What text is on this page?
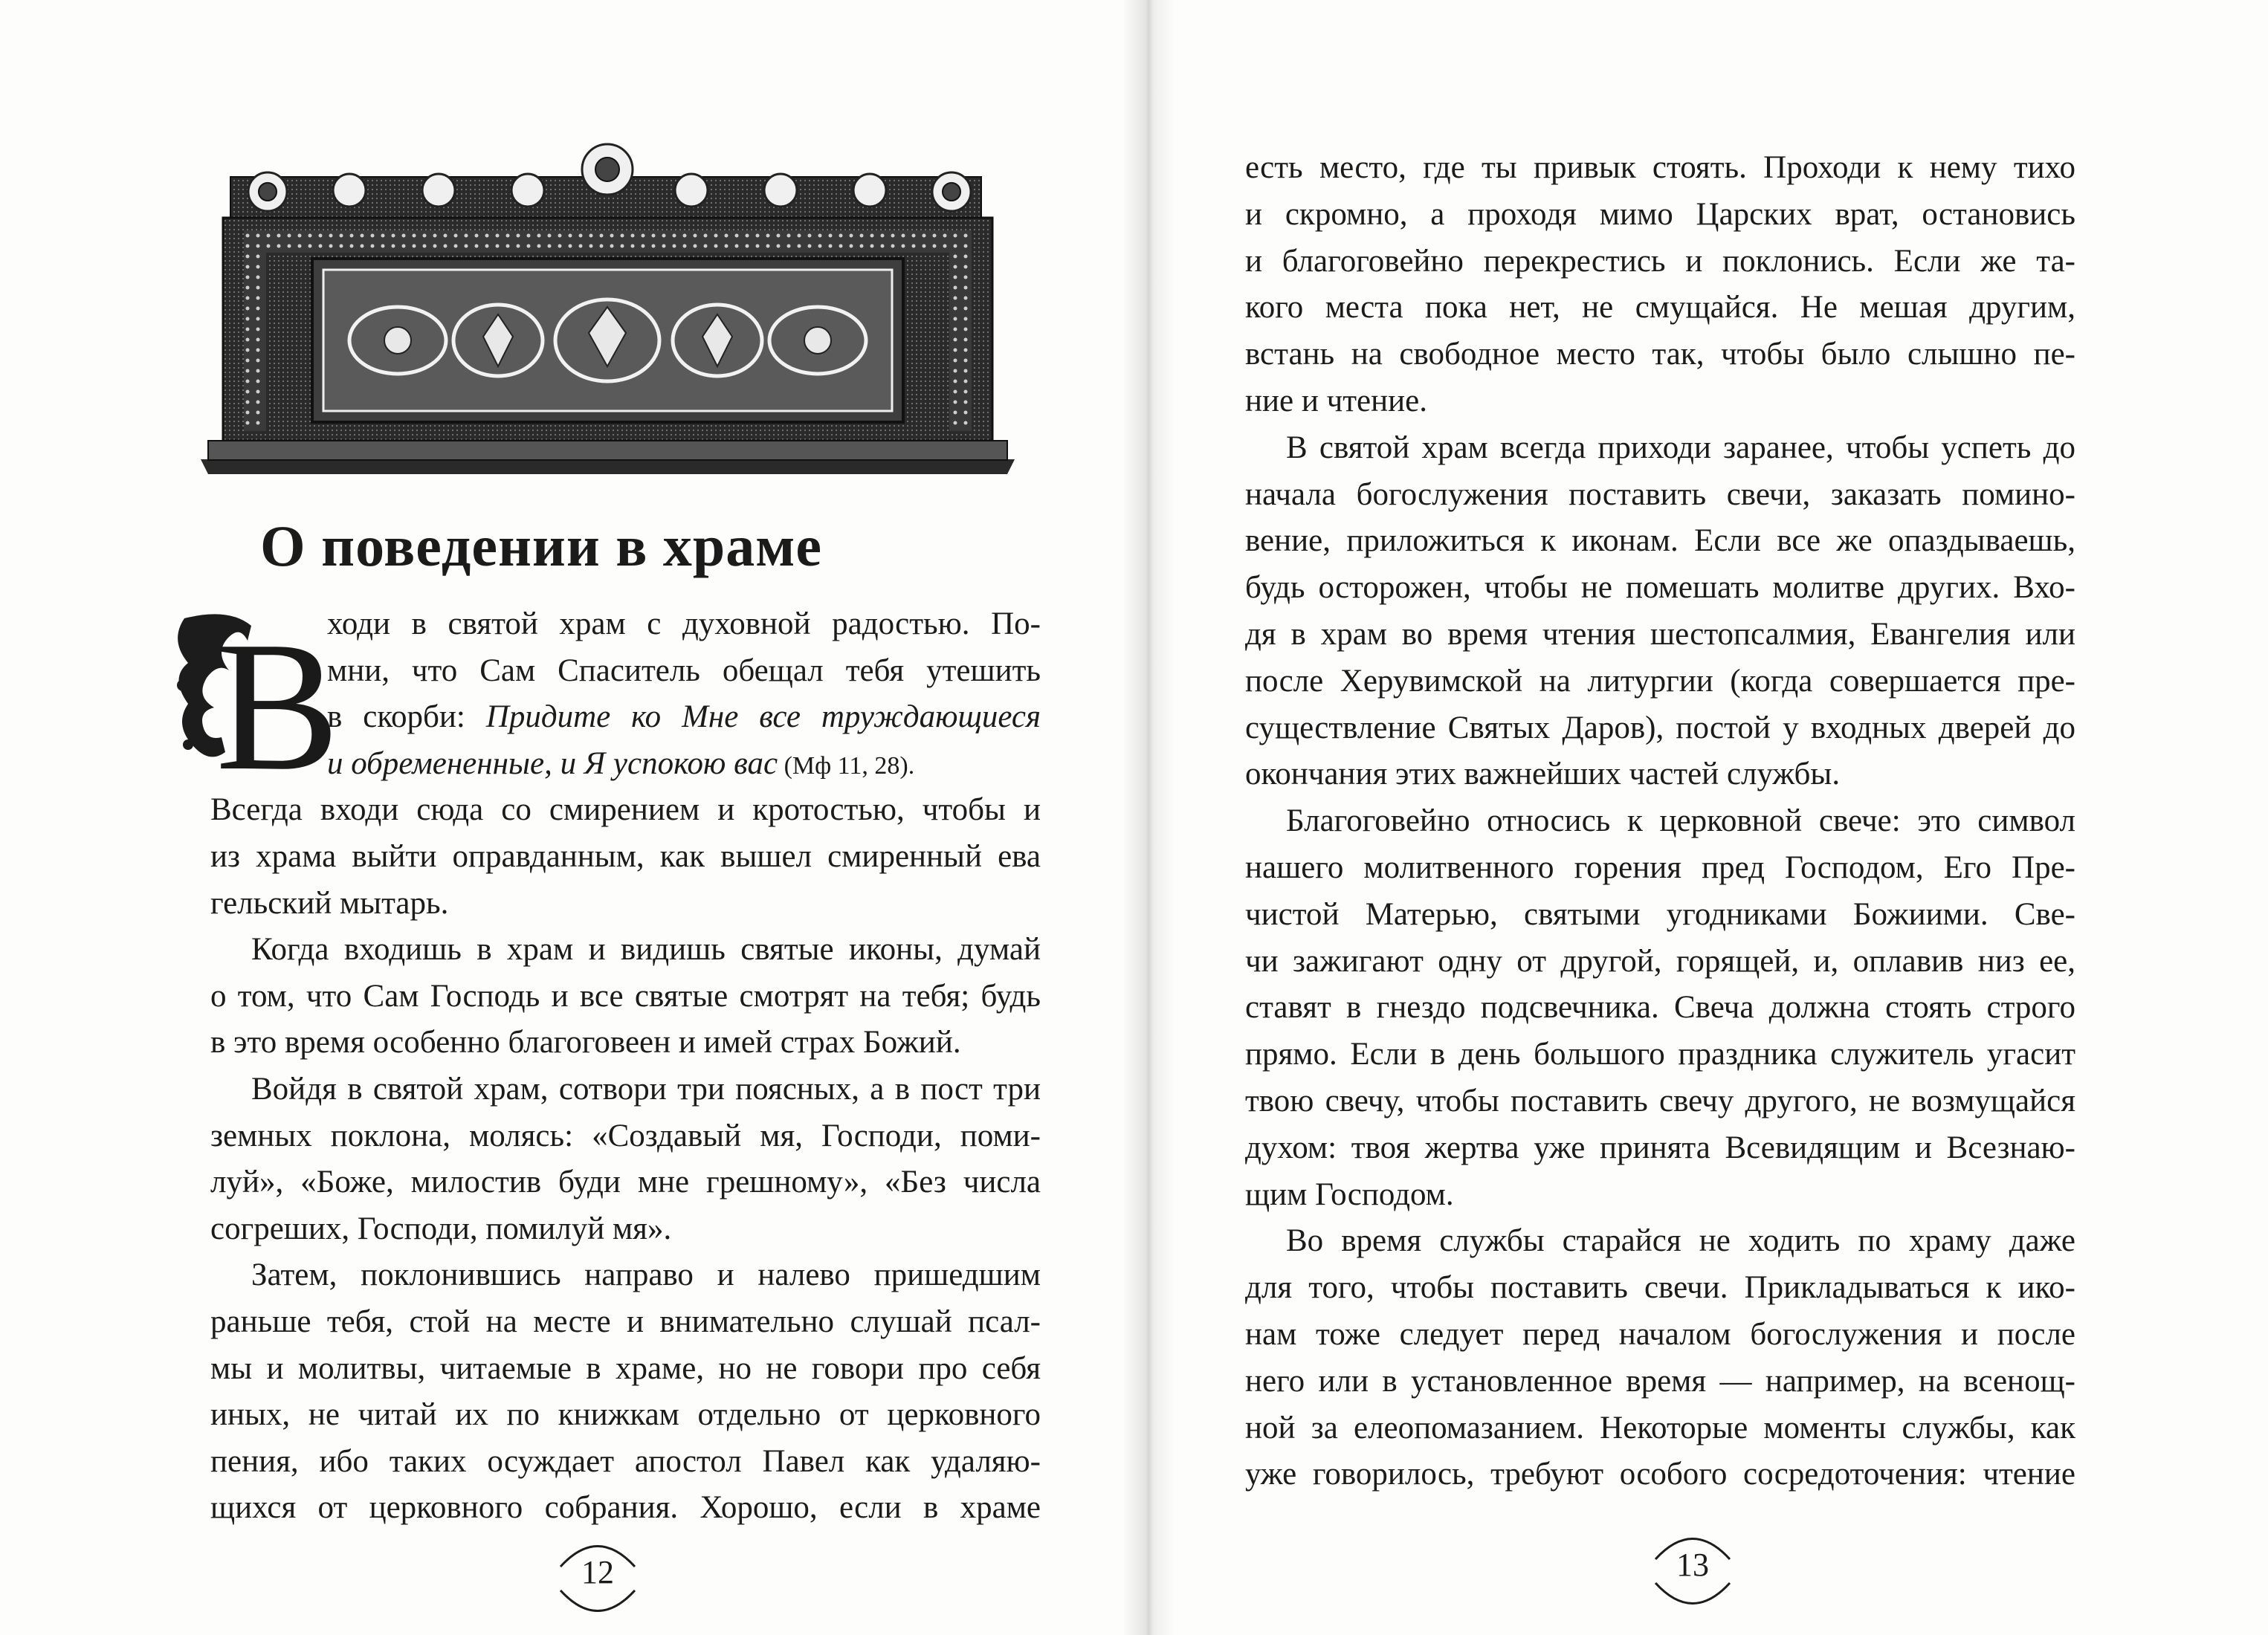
О поведении в храме
В
ходи в святой храм с духовной радостью. По-
мни, что Сам Спаситель обещал тебя утешить
в скорби: Придите ко Мне все труждающиеся
и обремененные, и Я успокою вас (Мф 11, 28).
Всегда входи сюда со смирением и кротостью, чтобы и
из храма выйти оправданным, как вышел смиренный ева
гельский мытарь.
Когда входишь в храм и видишь святые иконы, думай
о том, что Сам Господь и все святые смотрят на тебя; будь
в это время особенно благоговеен и имей страх Божий.
Войдя в святой храм, сотвори три поясных, а в пост три
земных поклона, молясь: «Создавый мя, Господи, поми-
луй», «Боже, милостив буди мне грешному», «Без числа
согреших, Господи, помилуй мя».
Затем, поклонившись направо и налево пришедшим
раньше тебя, стой на месте и внимательно слушай псал-
мы и молитвы, читаемые в храме, но не говори про себя
иных, не читай их по книжкам отдельно от церковного
пения, ибо таких осуждает апостол Павел как удаляю-
щихся от церковного собрания. Хорошо, если в храме
12
есть место, где ты привык стоять. Проходи к нему тихо
и скромно, а проходя мимо Царских врат, остановись
и благоговейно перекрестись и поклонись. Если же та-
кого места пока нет, не смущайся. Не мешая другим,
встань на свободное место так, чтобы было слышно пе-
ние и чтение.
В святой храм всегда приходи заранее, чтобы успеть до
начала богослужения поставить свечи, заказать помино-
вение, приложиться к иконам. Если все же опаздываешь,
будь осторожен, чтобы не помешать молитве других. Вхо-
дя в храм во время чтения шестопсалмия, Евангелия или
после Херувимской на литургии (когда совершается пре-
существление Святых Даров), постой у входных дверей до
окончания этих важнейших частей службы.
Благоговейно относись к церковной свече: это символ
нашего молитвенного горения пред Господом, Его Пре-
чистой Матерью, святыми угодниками Божиими. Све-
чи зажигают одну от другой, горящей, и, оплавив низ ее,
ставят в гнездо подсвечника. Свеча должна стоять строго
прямо. Если в день большого праздника служитель угасит
твою свечу, чтобы поставить свечу другого, не возмущайся
духом: твоя жертва уже принята Всевидящим и Всезнаю-
щим Господом.
Во время службы старайся не ходить по храму даже
для того, чтобы поставить свечи. Прикладываться к ико-
нам тоже следует перед началом богослужения и после
него или в установленное время — например, на всенощ-
ной за елеопомазанием. Некоторые моменты службы, как
уже говорилось, требуют особого сосредоточения: чтение
13
